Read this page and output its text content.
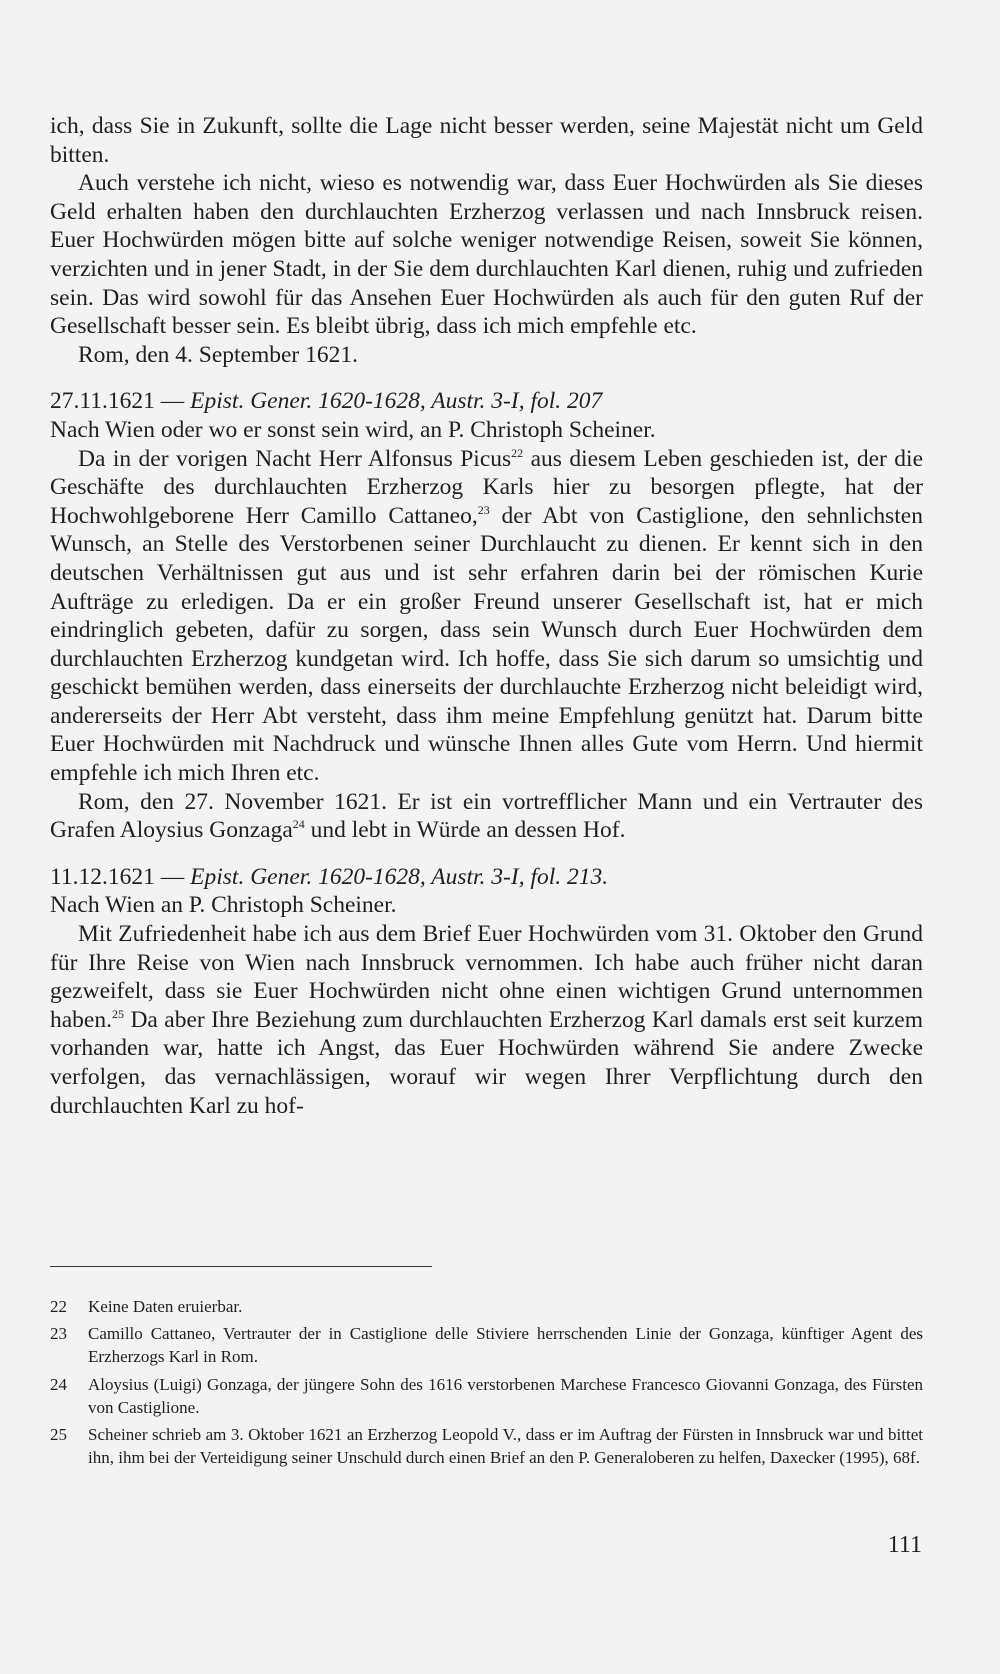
ich, dass Sie in Zukunft, sollte die Lage nicht besser werden, seine Majestät nicht um Geld bitten.

Auch verstehe ich nicht, wieso es notwendig war, dass Euer Hochwürden als Sie dieses Geld erhalten haben den durchlauchten Erzherzog verlassen und nach Innsbruck reisen. Euer Hochwürden mögen bitte auf solche weniger notwendige Reisen, soweit Sie können, verzichten und in jener Stadt, in der Sie dem durchlauchten Karl dienen, ruhig und zufrieden sein. Das wird sowohl für das Ansehen Euer Hochwürden als auch für den guten Ruf der Gesellschaft besser sein. Es bleibt übrig, dass ich mich empfehle etc.

Rom, den 4. September 1621.

27.11.1621 — Epist. Gener. 1620-1628, Austr. 3-I, fol. 207

Nach Wien oder wo er sonst sein wird, an P. Christoph Scheiner.

Da in der vorigen Nacht Herr Alfonsus Picus$^{22}$ aus diesem Leben geschieden ist, der die Geschäfte des durchlauchten Erzherzog Karls hier zu besorgen pflegte, hat der Hochwohlgeborene Herr Camillo Cattaneo,$^{23}$ der Abt von Castiglione, den sehnlichsten Wunsch, an Stelle des Verstorbenen seiner Durchlaucht zu dienen. Er kennt sich in den deutschen Verhältnissen gut aus und ist sehr erfahren darin bei der römischen Kurie Aufträge zu erledigen. Da er ein großer Freund unserer Gesellschaft ist, hat er mich eindringlich gebeten, dafür zu sorgen, dass sein Wunsch durch Euer Hochwürden dem durchlauchten Erzherzog kundgetan wird. Ich hoffe, dass Sie sich darum so umsichtig und geschickt bemühen werden, dass einerseits der durchlauchte Erzherzog nicht beleidigt wird, andererseits der Herr Abt versteht, dass ihm meine Empfehlung genützt hat. Darum bitte Euer Hochwürden mit Nachdruck und wünsche Ihnen alles Gute vom Herrn. Und hiermit empfehle ich mich Ihren etc.

Rom, den 27. November 1621. Er ist ein vortrefflicher Mann und ein Vertrauter des Grafen Aloysius Gonzaga$^{24}$ und lebt in Würde an dessen Hof.

11.12.1621 — Epist. Gener. 1620-1628, Austr. 3-I, fol. 213.

Nach Wien an P. Christoph Scheiner.

Mit Zufriedenheit habe ich aus dem Brief Euer Hochwürden vom 31. Oktober den Grund für Ihre Reise von Wien nach Innsbruck vernommen. Ich habe auch früher nicht daran gezweifelt, dass sie Euer Hochwürden nicht ohne einen wichtigen Grund unternommen haben.$^{25}$ Da aber Ihre Beziehung zum durchlauchten Erzherzog Karl damals erst seit kurzem vorhanden war, hatte ich Angst, das Euer Hochwürden während Sie andere Zwecke verfolgen, das vernachlässigen, worauf wir wegen Ihrer Verpflichtung durch den durchlauchten Karl zu hof-

22 Keine Daten eruierbar.
23 Camillo Cattaneo, Vertrauter der in Castiglione delle Stiviere herrschenden Linie der Gonzaga, künftiger Agent des Erzherzogs Karl in Rom.
24 Aloysius (Luigi) Gonzaga, der jüngere Sohn des 1616 verstorbenen Marchese Francesco Giovanni Gonzaga, des Fürsten von Castiglione.
25 Scheiner schrieb am 3. Oktober 1621 an Erzherzog Leopold V., dass er im Auftrag der Fürsten in Innsbruck war und bittet ihn, ihm bei der Verteidigung seiner Unschuld durch einen Brief an den P. Generaloberen zu helfen, Daxecker (1995), 68f.
111
